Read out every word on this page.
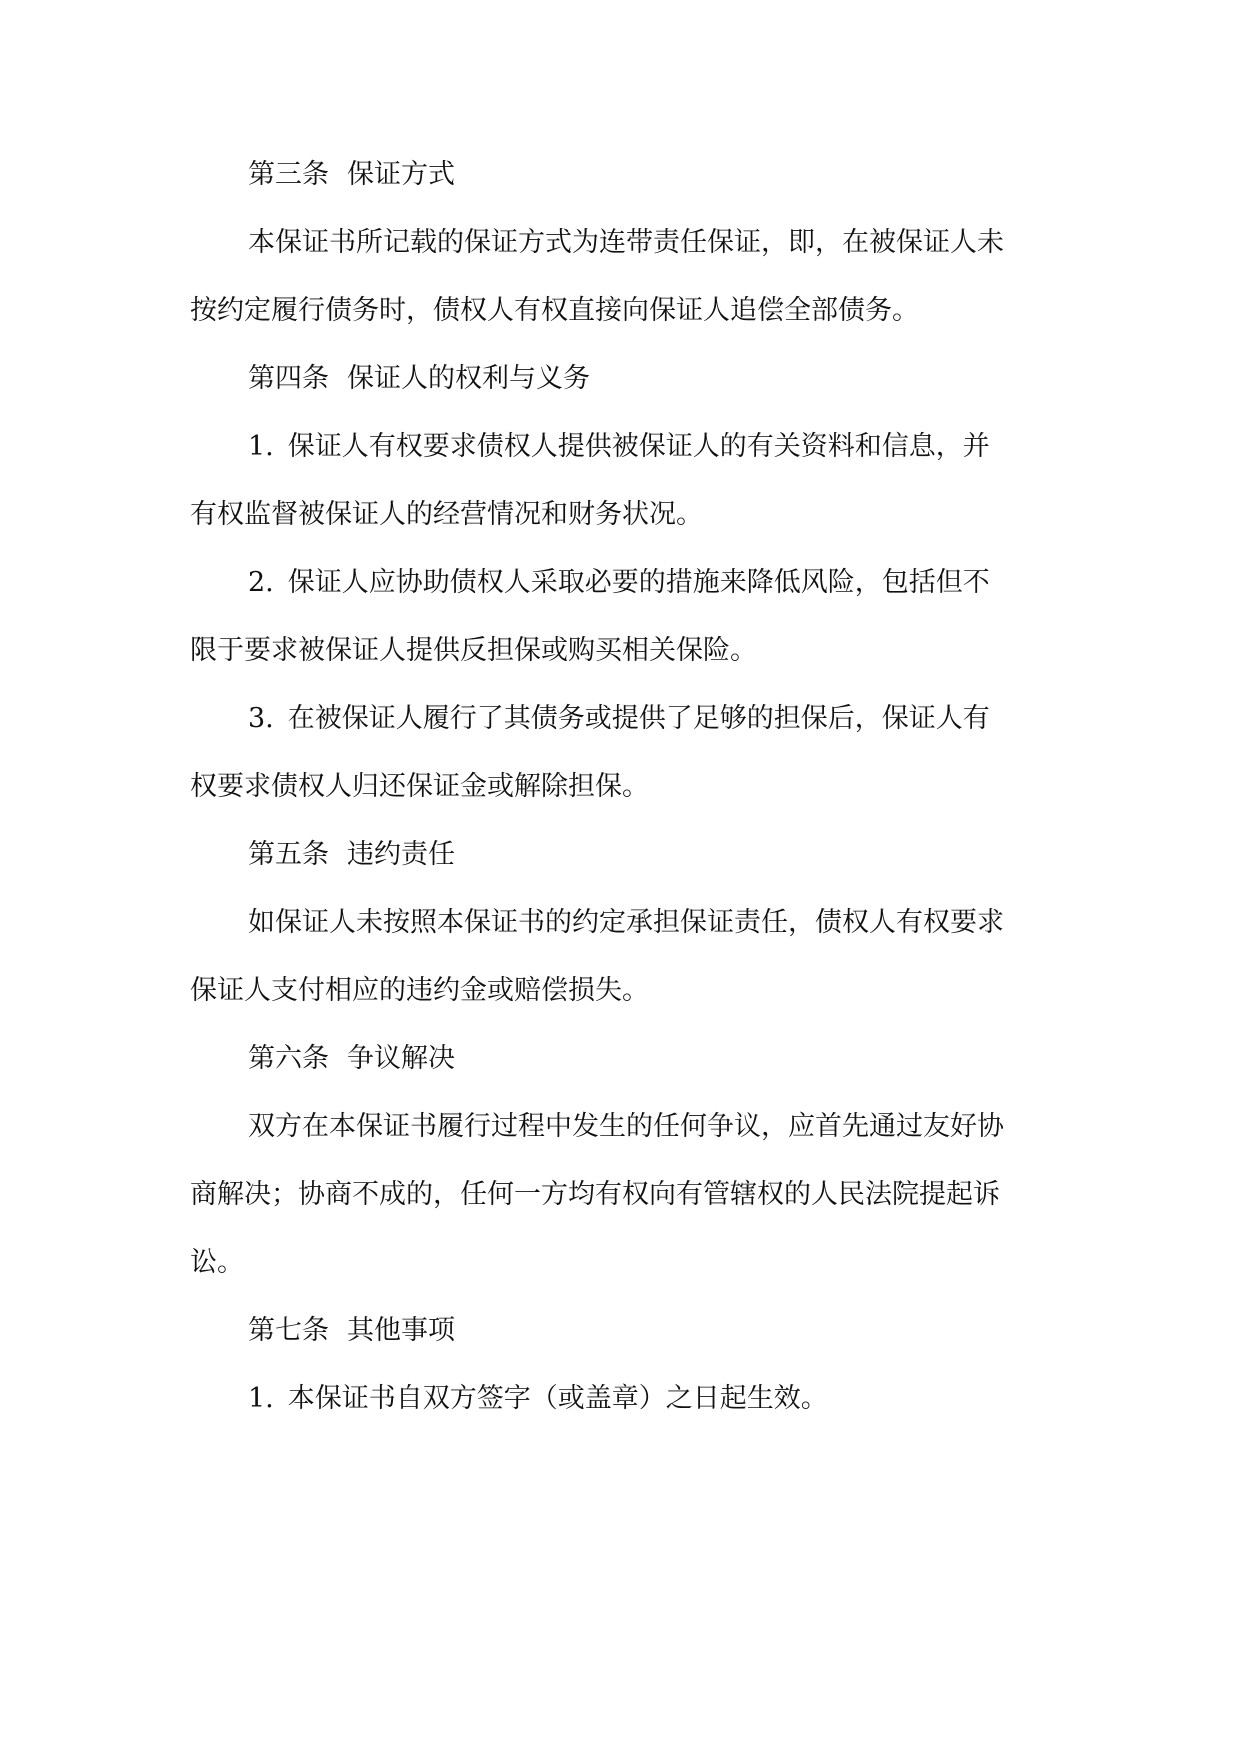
第三条 保证方式
本保证书所记载的保证方式为连带责任保证，即，在被保证人未
按约定履行债务时，债权人有权直接向保证人追偿全部债务。
第四条 保证人的权利与义务
1. 保证人有权要求债权人提供被保证人的有关资料和信息，并
有权监督被保证人的经营情况和财务状况。
2. 保证人应协助债权人采取必要的措施来降低风险，包括但不
限于要求被保证人提供反担保或购买相关保险。
3. 在被保证人履行了其债务或提供了足够的担保后，保证人有
权要求债权人归还保证金或解除担保。
第五条 违约责任
如保证人未按照本保证书的约定承担保证责任，债权人有权要求
保证人支付相应的违约金或赔偿损失。
第六条 争议解决
双方在本保证书履行过程中发生的任何争议，应首先通过友好协
商解决；协商不成的，任何一方均有权向有管辖权的人民法院提起诉
讼。
第七条 其他事项
1. 本保证书自双方签字（或盖章）之日起生效。
